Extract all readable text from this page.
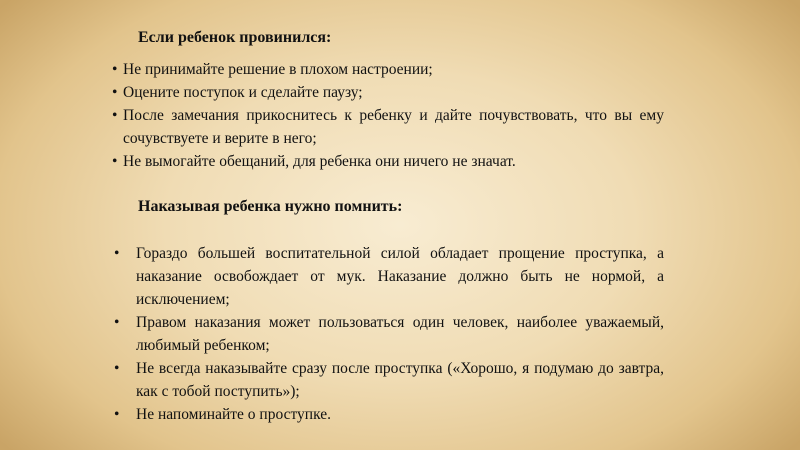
Если ребенок провинился:
• Не принимайте решение в плохом настроении;
• Оцените поступок и сделайте паузу;
• После замечания прикоснитесь к ребенку и дайте почувствовать, что вы ему сочувствуете и верите в него;
• Не вымогайте обещаний, для ребенка они ничего не значат.
Наказывая ребенка нужно помнить:
• Гораздо большей воспитательной силой обладает прощение проступка, а наказание освобождает от мук. Наказание должно быть не нормой, а исключением;
• Правом наказания может пользоваться один человек, наиболее уважаемый, любимый ребенком;
• Не всегда наказывайте сразу после проступка («Хорошо, я подумаю до завтра, как с тобой поступить»);
• Не напоминайте о проступке.
